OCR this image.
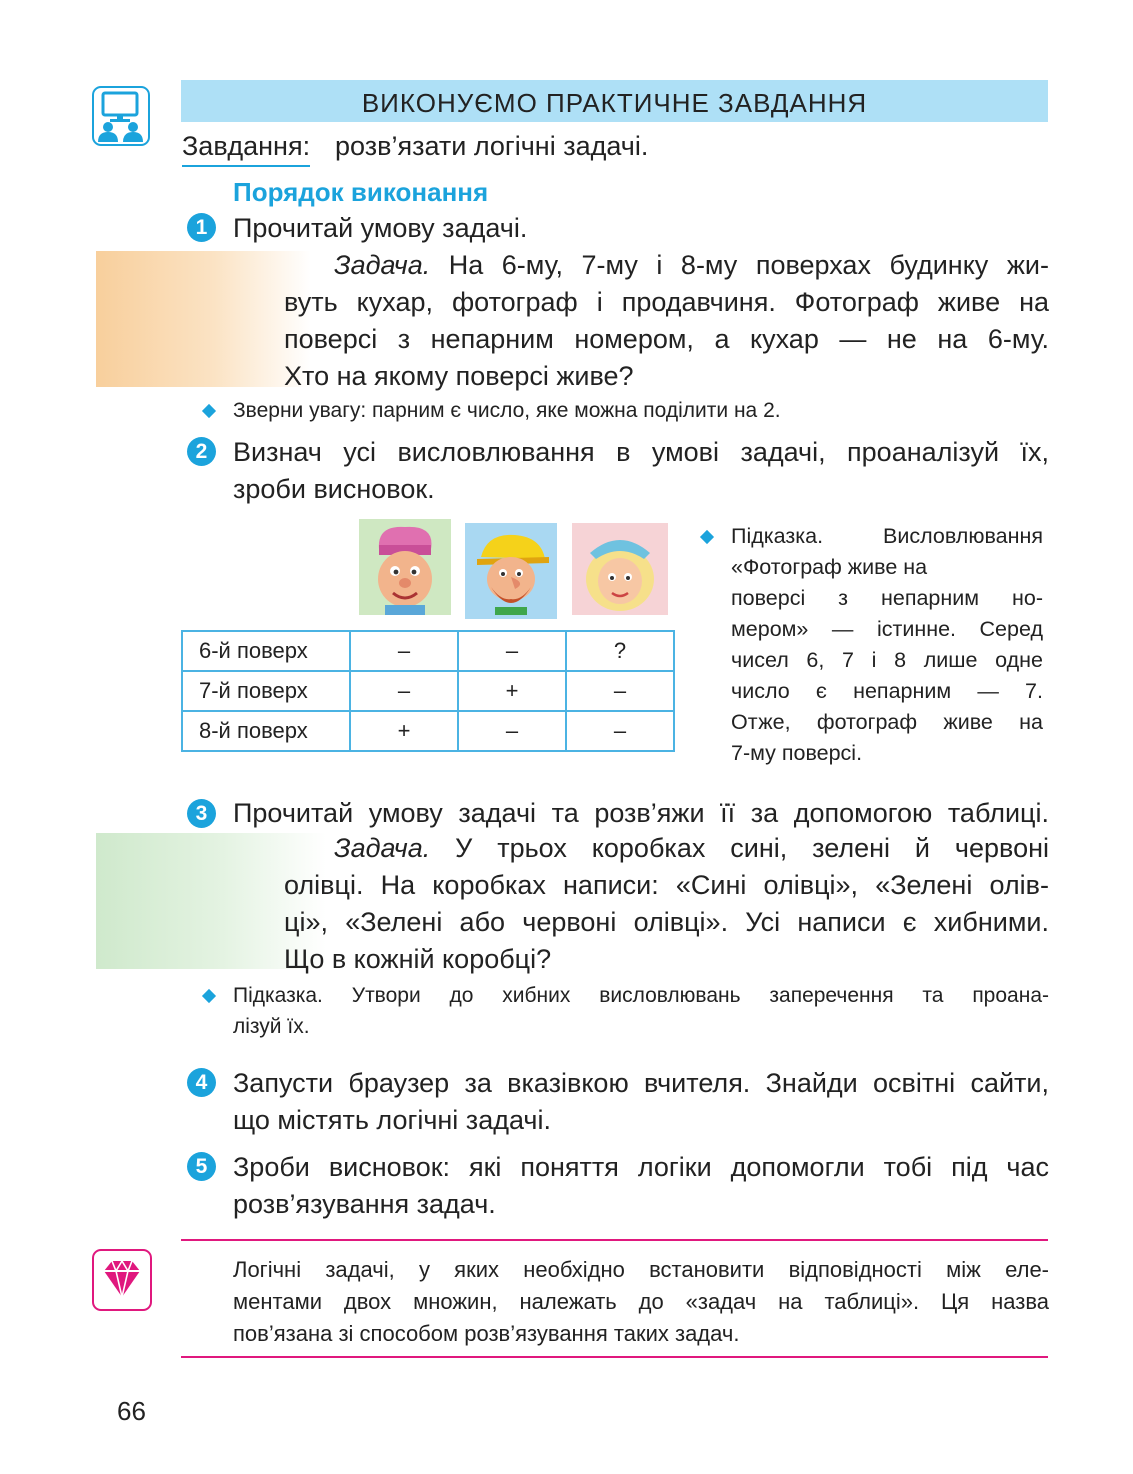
ВИКОНУЄМО ПРАКТИЧНЕ ЗАВДАННЯ
Завдання: розв’язати логічні задачі.
Порядок виконання
1 Прочитай умову задачі.
Задача. На 6-му, 7-му і 8-му поверхах будинку жи-
вуть кухар, фотограф і продавчиня. Фотограф живе на
поверсі з непарним номером, а кухар — не на 6-му.
Хто на якому поверсі живе?
Зверни увагу: парним є число, яке можна поділити на 2.
2 Визнач усі висловлювання в умові задачі, проаналізуй їх,
зроби висновок.
6-й поверх	–	–	?
7-й поверх	–	+	–
8-й поверх	+	–	–
Підказка. Висловлювання
«Фотограф живе на
поверсі з непарним но-
мером» — істинне. Серед
чисел 6, 7 і 8 лише одне
число є непарним — 7.
Отже, фотограф живе на
7-му поверсі.
3 Прочитай умову задачі та розв’яжи її за допомогою таблиці.
Задача. У трьох коробках сині, зелені й червоні
олівці. На коробках написи: «Сині олівці», «Зелені олів-
ці», «Зелені або червоні олівці». Усі написи є хибними.
Що в кожній коробці?
Підказка. Утвори до хибних висловлювань заперечення та проана-
лізуй їх.
4 Запусти браузер за вказівкою вчителя. Знайди освітні сайти,
що містять логічні задачі.
5 Зроби висновок: які поняття логіки допомогли тобі під час
розв’язування задач.
Логічні задачі, у яких необхідно встановити відповідності між еле-
ментами двох множин, належать до «задач на таблиці». Ця назва
пов’язана зі способом розв’язування таких задач.
66
